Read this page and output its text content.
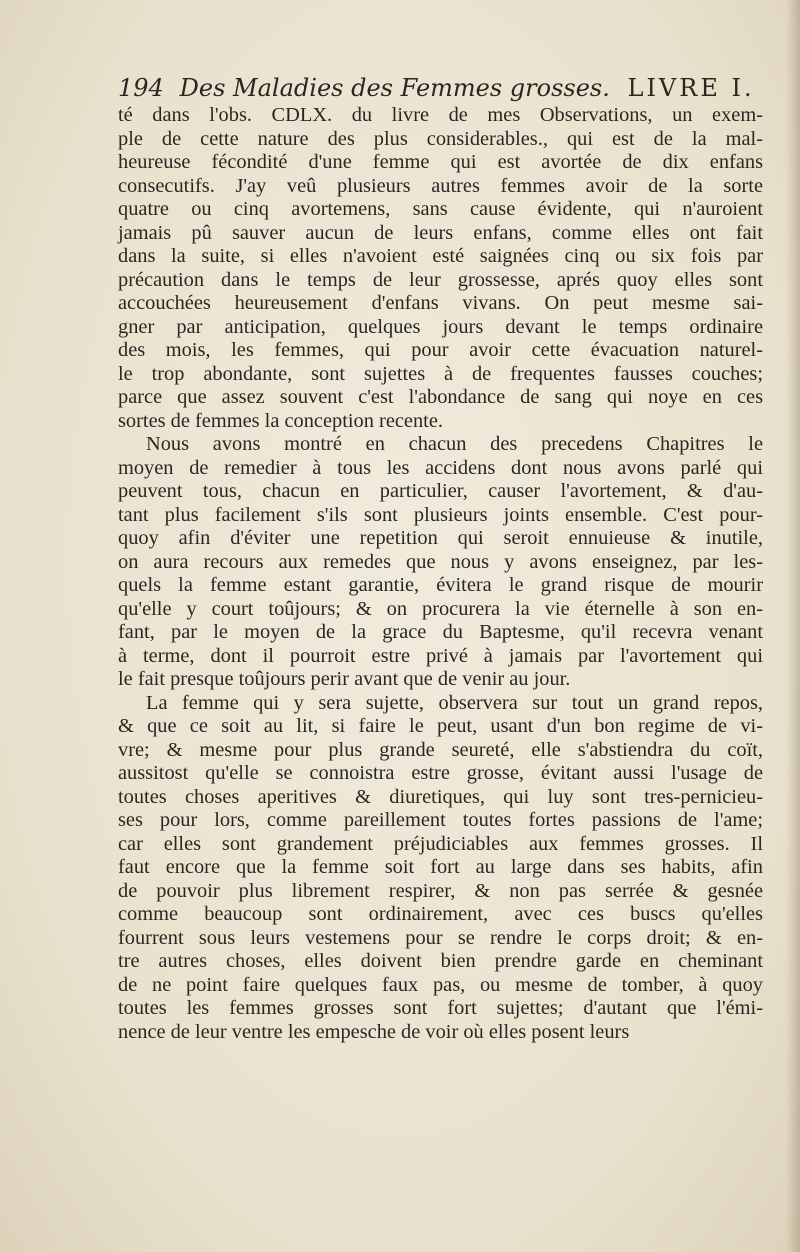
194 Des Maladies des Femmes grosses. LIVRE I.
té dans l'obs. CDLX. du livre de mes Observations, un exem-
ple de cette nature des plus considerables., qui est de la mal-
heureuse fécondité d'une femme qui est avortée de dix enfans
consecutifs. J'ay veû plusieurs autres femmes avoir de la sorte
quatre ou cinq avortemens, sans cause évidente, qui n'auroient
jamais pû sauver aucun de leurs enfans, comme elles ont fait
dans la suite, si elles n'avoient esté saignées cinq ou six fois par
précaution dans le temps de leur grossesse, aprés quoy elles sont
accouchées heureusement d'enfans vivans. On peut mesme sai-
gner par anticipation, quelques jours devant le temps ordinaire
des mois, les femmes, qui pour avoir cette évacuation naturel-
le trop abondante, sont sujettes à de frequentes fausses couches;
parce que assez souvent c'est l'abondance de sang qui noye en ces
sortes de femmes la conception recente.
Nous avons montré en chacun des precedens Chapitres le
moyen de remedier à tous les accidens dont nous avons parlé qui
peuvent tous, chacun en particulier, causer l'avortement, & d'au-
tant plus facilement s'ils sont plusieurs joints ensemble. C'est pour-
quoy afin d'éviter une repetition qui seroit ennuieuse & inutile,
on aura recours aux remedes que nous y avons enseignez, par les-
quels la femme estant garantie, évitera le grand risque de mourir
qu'elle y court toûjours; & on procurera la vie éternelle à son en-
fant, par le moyen de la grace du Baptesme, qu'il recevra venant
à terme, dont il pourroit estre privé à jamais par l'avortement qui
le fait presque toûjours perir avant que de venir au jour.
La femme qui y sera sujette, observera sur tout un grand repos,
& que ce soit au lit, si faire le peut, usant d'un bon regime de vi-
vre; & mesme pour plus grande seureté, elle s'abstiendra du coït,
aussitost qu'elle se connoistra estre grosse, évitant aussi l'usage de
toutes choses aperitives & diuretiques, qui luy sont tres-pernicieu-
ses pour lors, comme pareillement toutes fortes passions de l'ame;
car elles sont grandement préjudiciables aux femmes grosses. Il
faut encore que la femme soit fort au large dans ses habits, afin
de pouvoir plus librement respirer, & non pas serrée & gesnée
comme beaucoup sont ordinairement, avec ces buscs qu'elles
fourrent sous leurs vestemens pour se rendre le corps droit; & en-
tre autres choses, elles doivent bien prendre garde en cheminant
de ne point faire quelques faux pas, ou mesme de tomber, à quoy
toutes les femmes grosses sont fort sujettes; d'autant que l'émi-
nence de leur ventre les empesche de voir où elles posent leurs
